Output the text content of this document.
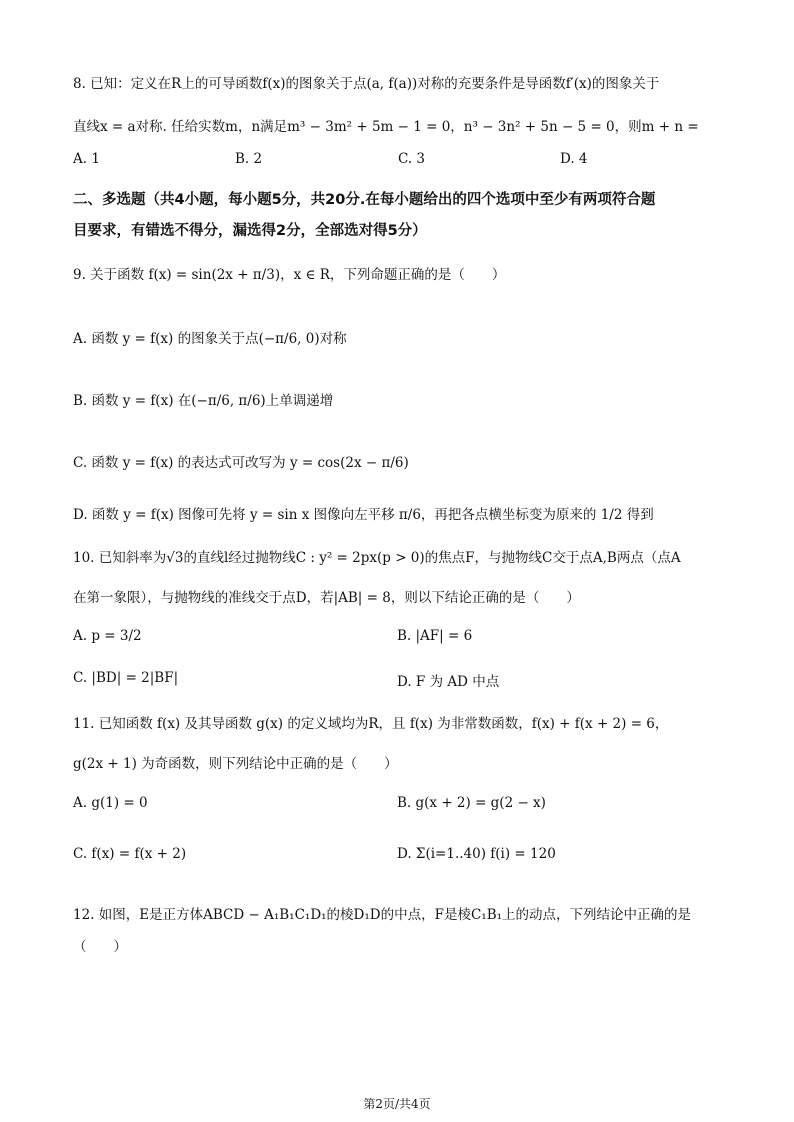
8. 已知：定义在R上的可导函数f(x)的图象关于点(a, f(a))对称的充要条件是导函数f′(x)的图象关于
直线x = a对称. 任给实数m，n满足m³ − 3m² + 5m − 1 = 0，n³ − 3n² + 5n − 5 = 0，则m + n =
A. 1	B. 2	C. 3	D. 4
二、多选题（共4小题，每小题5分，共20分.在每小题给出的四个选项中至少有两项符合题
目要求，有错选不得分，漏选得2分，全部选对得5分）
9. 关于函数 f(x) = sin(2x + π/3)，x ∈ R，下列命题正确的是（　　）
A. 函数 y = f(x) 的图象关于点(−π/6, 0)对称
B. 函数 y = f(x) 在(−π/6, π/6)上单调递增
C. 函数 y = f(x) 的表达式可改写为 y = cos(2x − π/6)
D. 函数 y = f(x) 图像可先将 y = sin x 图像向左平移 π/6，再把各点横坐标变为原来的 1/2 得到
10. 已知斜率为√3的直线l经过抛物线C : y² = 2px(p > 0)的焦点F，与抛物线C交于点A,B两点（点A
在第一象限），与抛物线的准线交于点D，若|AB| = 8，则以下结论正确的是（　　）
A. p = 3/2	B. |AF| = 6
C. |BD| = 2|BF|	D. F 为 AD 中点
11. 已知函数 f(x) 及其导函数 g(x) 的定义域均为R，且 f(x) 为非常数函数，f(x) + f(x + 2) = 6，
g(2x + 1) 为奇函数，则下列结论中正确的是（　　）
A. g(1) = 0	B. g(x + 2) = g(2 − x)
C. f(x) = f(x + 2)	D. Σ(i=1..40) f(i) = 120
12. 如图，E是正方体ABCD − A₁B₁C₁D₁的棱D₁D的中点，F是棱C₁B₁上的动点，下列结论中正确的是
（　　）
第2页/共4页
